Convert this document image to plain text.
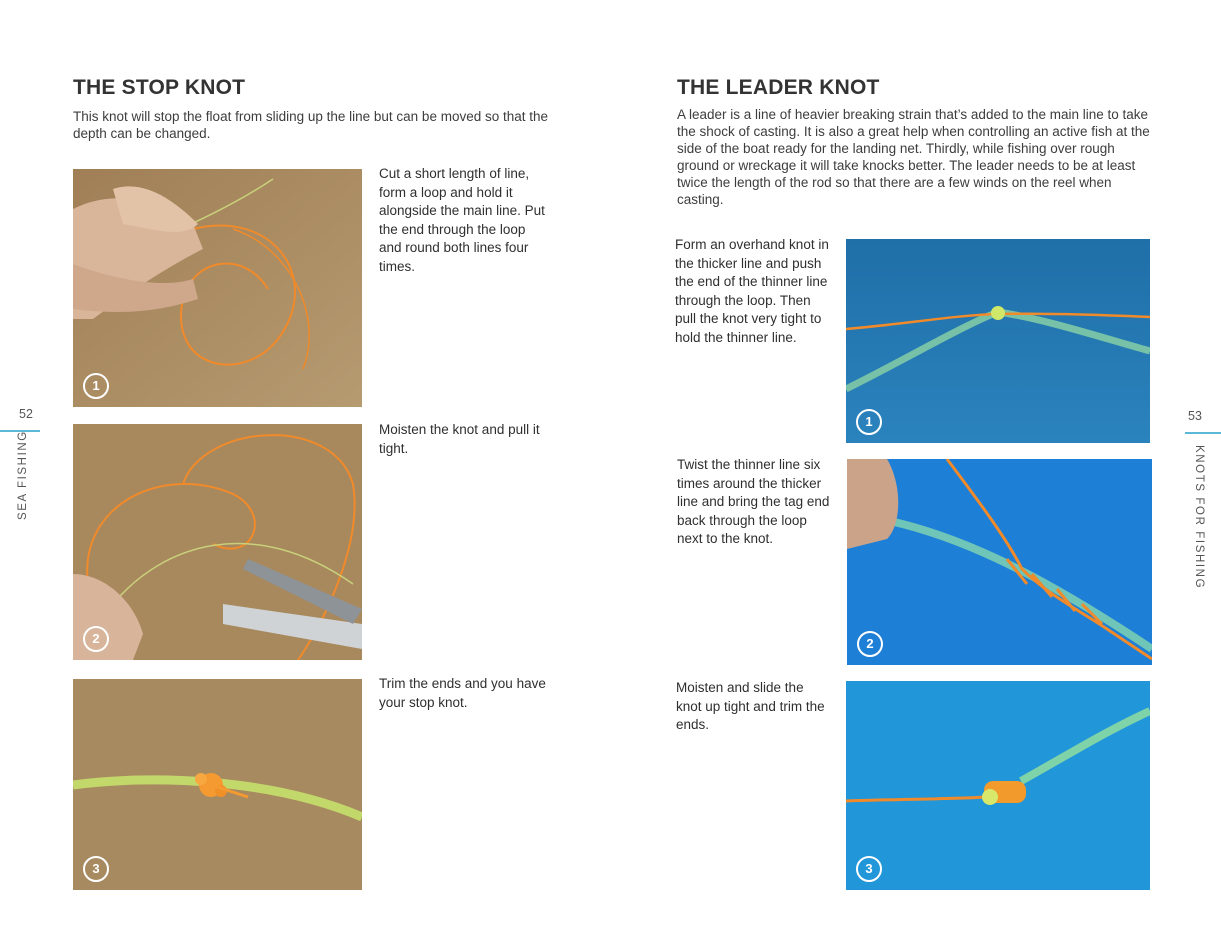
THE STOP KNOT

This knot will stop the float from sliding up the line but can be moved so that the depth can be changed.

1

Cut a short length of line, form a loop and hold it alongside the main line. Put the end through the loop and round both lines four times.

2

Moisten the knot and pull it tight.

3

Trim the ends and you have your stop knot.

52
SEA FISHING
THE LEADER KNOT

A leader is a line of heavier breaking strain that’s added to the main line to take the shock of casting. It is also a great help when controlling an active fish at the side of the boat ready for the landing net. Thirdly, while fishing over rough ground or wreckage it will take knocks better. The leader needs to be at least twice the length of the rod so that there are a few winds on the reel when casting.

Form an overhand knot in the thicker line and push the end of the thinner line through the loop. Then pull the knot very tight to hold the thinner line.

1

Twist the thinner line six times around the thicker line and bring the tag end back through the loop next to the knot.

2

Moisten and slide the knot up tight and trim the ends.

3
53
KNOTS FOR FISHING
